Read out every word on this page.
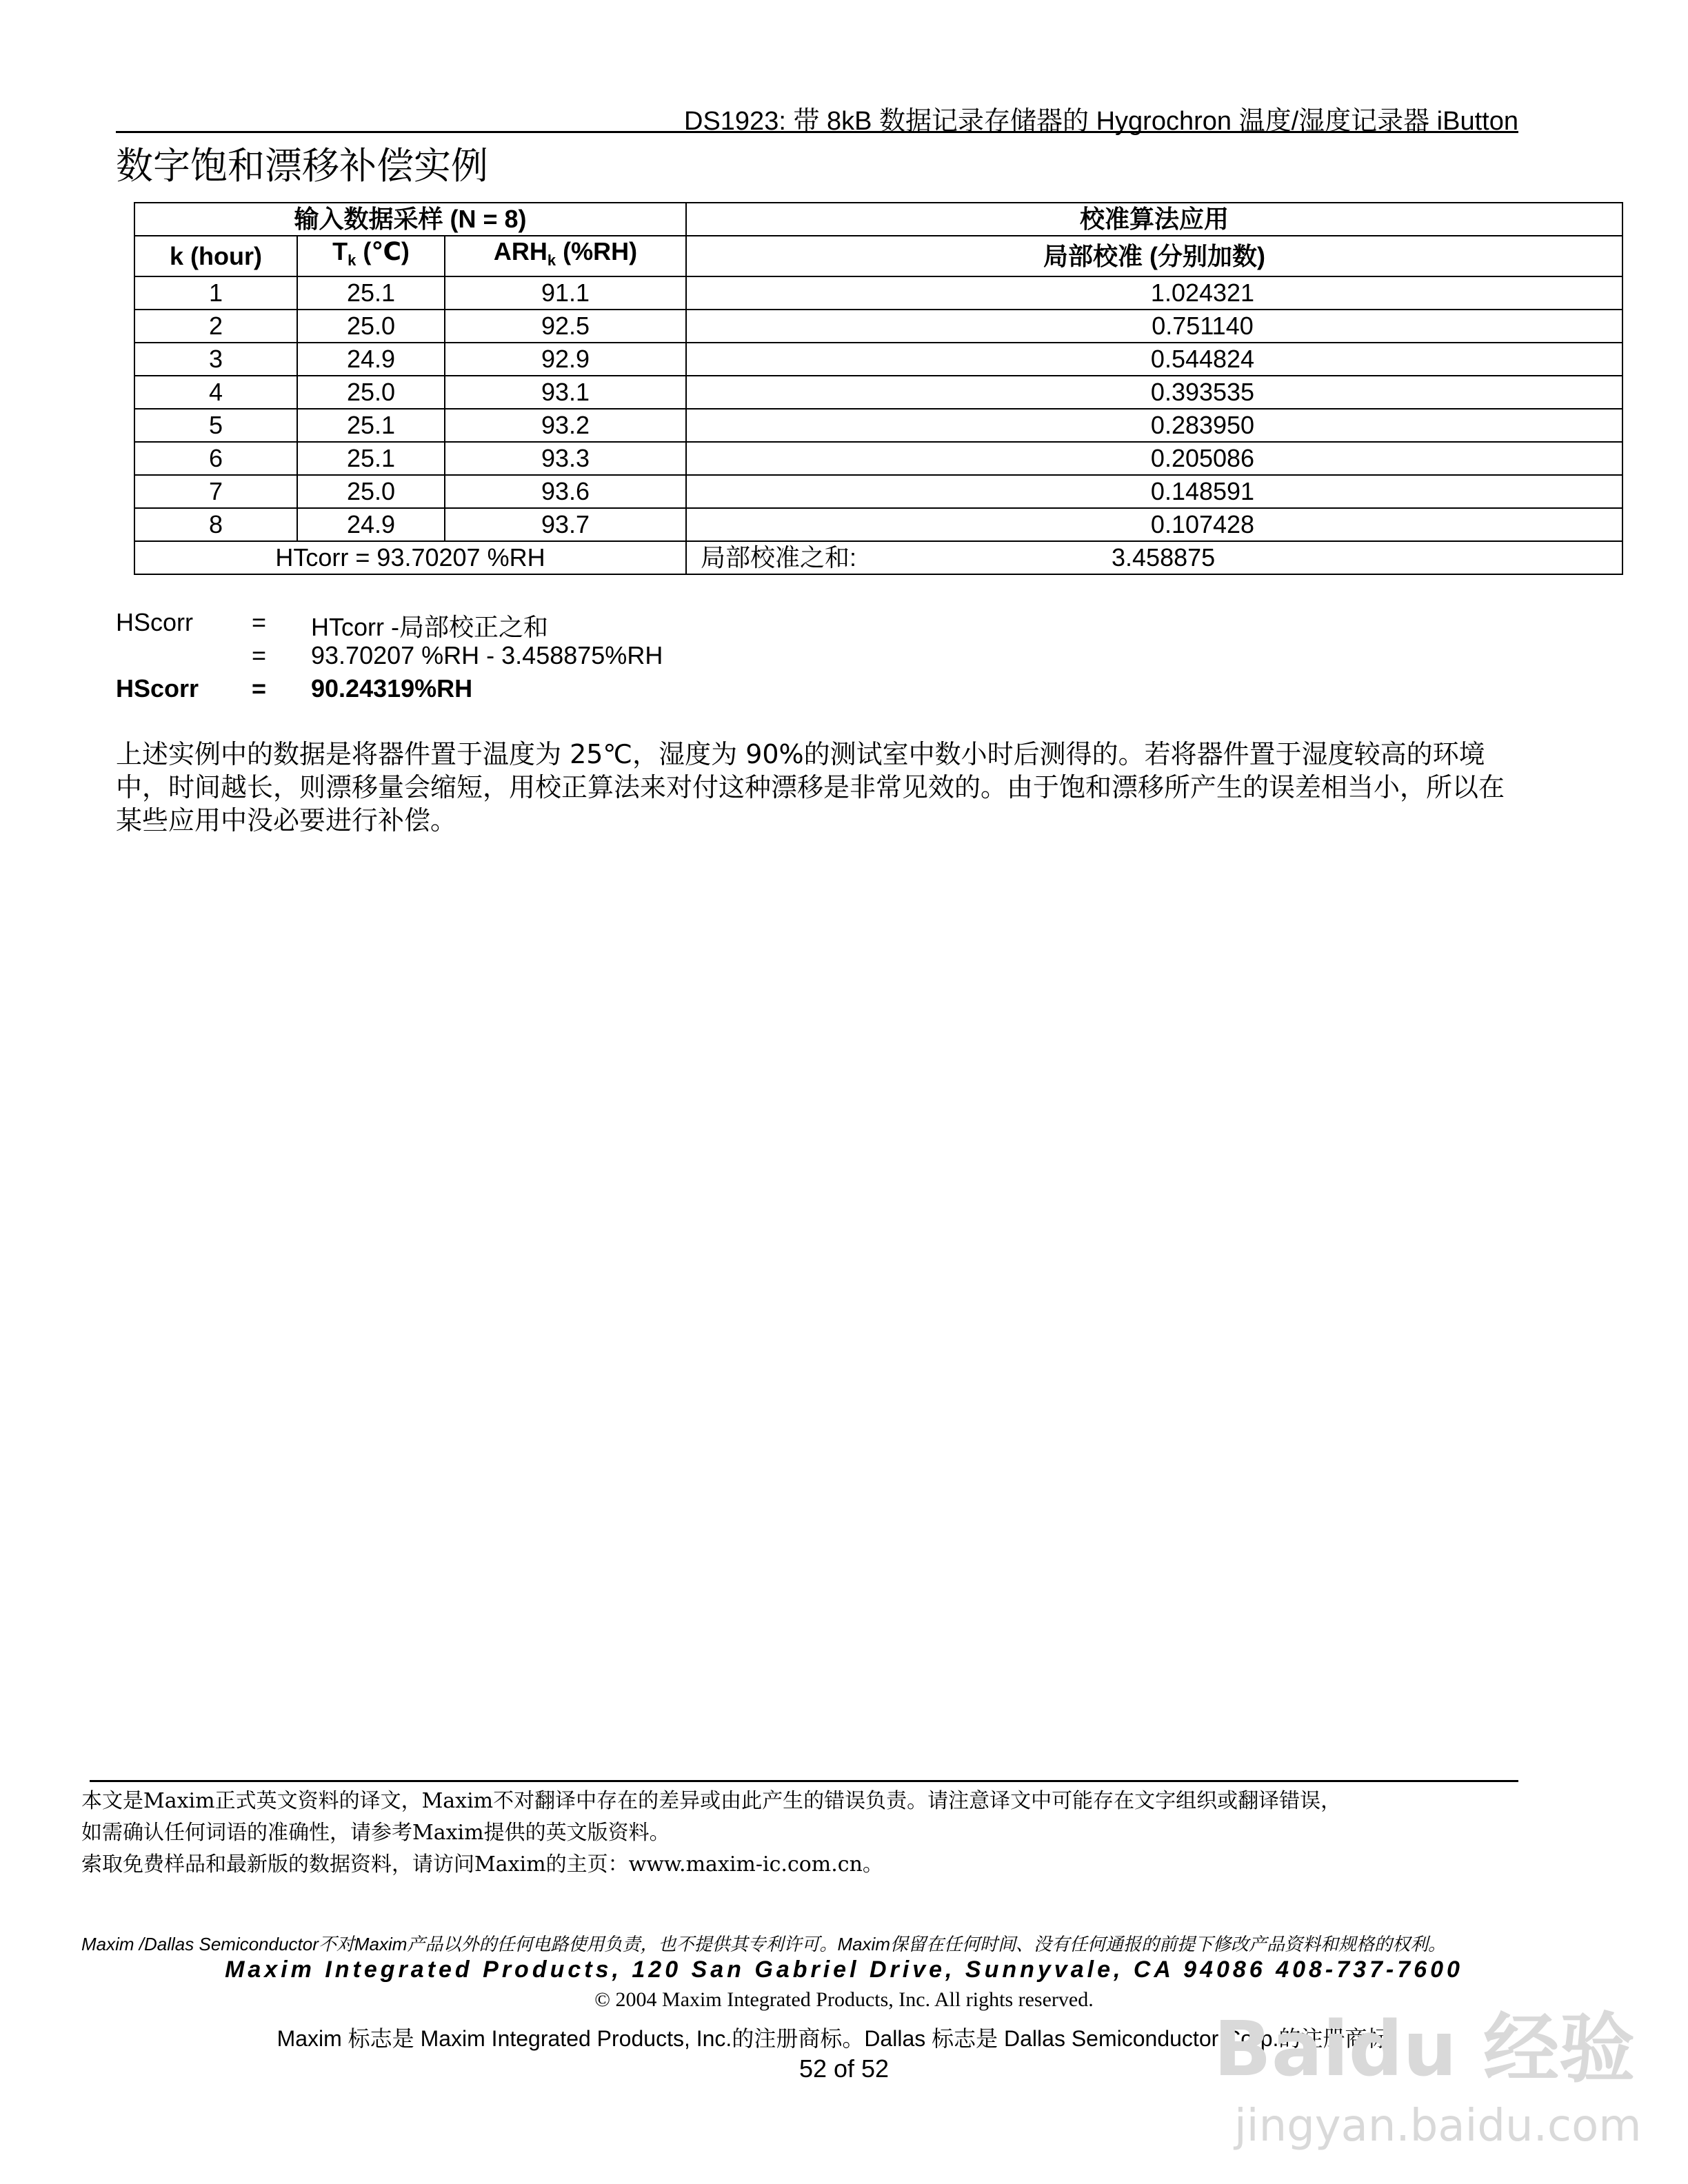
DS1923: 带 8kB 数据记录存储器的 Hygrochron 温度/湿度记录器 iButton
数字饱和漂移补偿实例
输入数据采样 (N = 8)			校准算法应用
k (hour)	$T_k$ (℃)	$ARH_k$ (%RH)	局部校准 (分别加数)
1	25.1	91.1	1.024321
2	25.0	92.5	0.751140
3	24.9	92.9	0.544824
4	25.0	93.1	0.393535
5	25.1	93.2	0.283950
6	25.1	93.3	0.205086
7	25.0	93.6	0.148591
8	24.9	93.7	0.107428
HTcorr = 93.70207 %RH			局部校准之和: 3.458875
HScorr = HTcorr -局部校正之和
= 93.70207 %RH - 3.458875%RH
HScorr = 90.24319%RH
上述实例中的数据是将器件置于温度为 25℃，湿度为 90%的测试室中数小时后测得的。若将器件置于湿度较高的环境中，时间越长，则漂移量会缩短，用校正算法来对付这种漂移是非常见效的。由于饱和漂移所产生的误差相当小，所以在某些应用中没必要进行补偿。
本文是Maxim正式英文资料的译文，Maxim不对翻译中存在的差异或由此产生的错误负责。请注意译文中可能存在文字组织或翻译错误，
如需确认任何词语的准确性，请参考Maxim提供的英文版资料。
索取免费样品和最新版的数据资料，请访问Maxim的主页：www.maxim-ic.com.cn。
Maxim /Dallas Semiconductor不对Maxim产品以外的任何电路使用负责，也不提供其专利许可。Maxim保留在任何时间、没有任何通报的前提下修改产品资料和规格的权利。
Maxim Integrated Products, 120 San Gabriel Drive, Sunnyvale, CA 94086 408-737-7600
© 2004 Maxim Integrated Products, Inc. All rights reserved.
Maxim 标志是 Maxim Integrated Products, Inc.的注册商标。Dallas 标志是 Dallas Semiconductor Corp.的注册商标。
52 of 52	Baidu 经验
jingyan.baidu.com
